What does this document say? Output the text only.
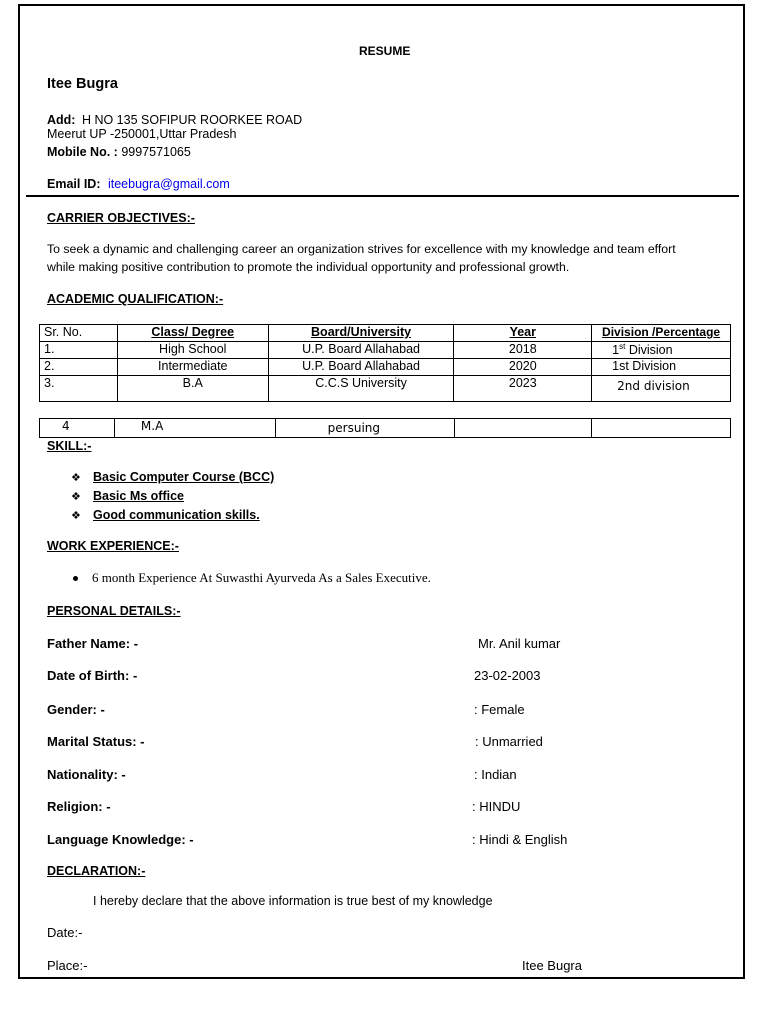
RESUME
Itee Bugra
Add: H NO 135 SOFIPUR ROORKEE ROAD
Meerut UP -250001,Uttar Pradesh
Mobile No. : 9997571065
Email ID: iteebugra@gmail.com
CARRIER OBJECTIVES:-
To seek a dynamic and challenging career an organization strives for excellence with my knowledge and team effort
while making positive contribution to promote the individual opportunity and professional growth.
ACADEMIC QUALIFICATION:-
Sr. No.	Class/ Degree	Board/University	Year	Division /Percentage
1.	High School	U.P. Board Allahabad	2018	1st Division
2.	Intermediate	U.P. Board Allahabad	2020	1st Division
3.	B.A	C.C.S University	2023	2nd division
4	M.A	persuing		
SKILL:-
❖ Basic Computer Course (BCC)
❖ Basic Ms office
❖ Good communication skills.
WORK EXPERIENCE:-
6 month Experience At Suwasthi Ayurveda As a Sales Executive.
PERSONAL DETAILS:-
Father Name: -	Mr. Anil kumar
Date of Birth: -	23-02-2003
Gender: -	: Female
Marital Status: -	: Unmarried
Nationality: -	: Indian
Religion: -	: HINDU
Language Knowledge: -	: Hindi & English
DECLARATION:-
I hereby declare that the above information is true best of my knowledge
Date:-
Place:-	Itee Bugra
